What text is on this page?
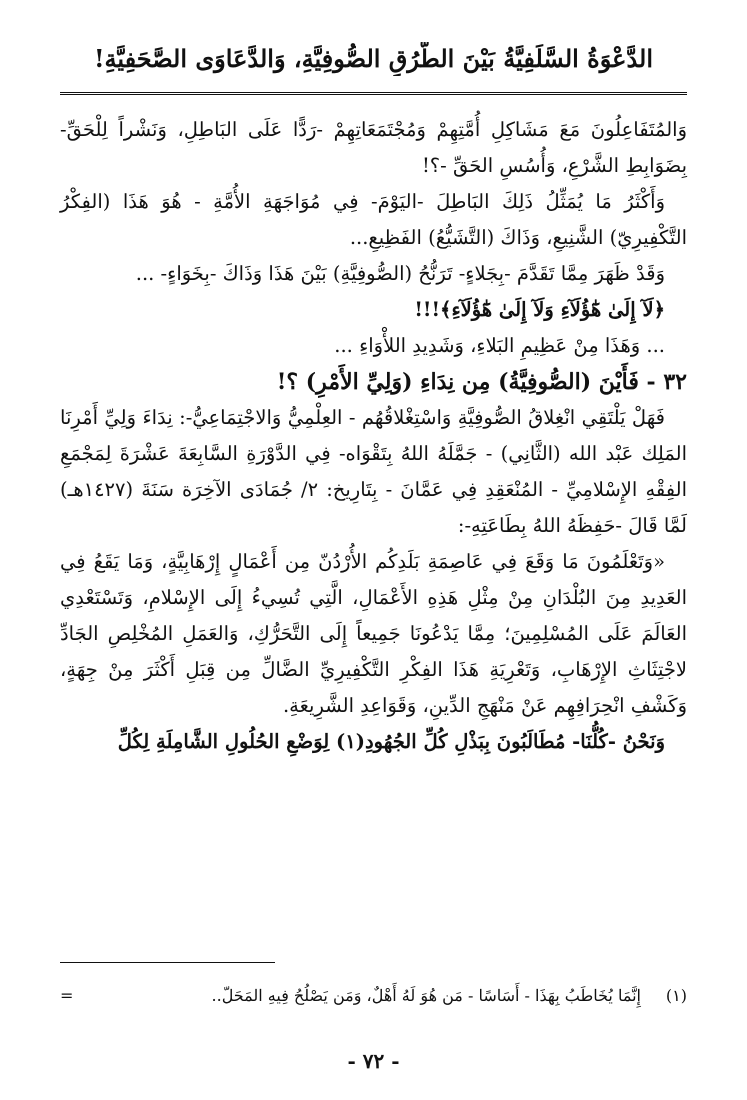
الدَّعْوَةُ السَّلَفِيَّةُ بَيْنَ الطُّرُقِ الصُّوفِيَّةِ، وَالدَّعَاوَى الصَّحَفِيَّةِ!

وَالمُتَفَاعِلُونَ مَعَ مَشَاكِلِ أُمَّتِهِمْ وَمُجْتَمَعَاتِهِمْ -رَدًّا عَلَى البَاطِلِ، وَنَشْراً لِلْحَقِّ- بِضَوَابِطِ الشَّرْعِ، وَأُسُسِ الحَقِّ -؟!

وَأَكْثَرُ مَا يُمَثِّلُ ذَلِكَ البَاطِلَ -اليَوْمَ- فِي مُوَاجَهَةِ الأُمَّةِ - هُوَ هَذَا (الفِكْرُ التَّكْفِيرِيّ) الشَّنِيعِ، وَذَاكَ (التَّشَيُّعُ) الفَظِيعِ...

وَقَدْ ظَهَرَ مِمَّا تَقَدَّمَ -بِجَلاءٍ- تَرَنُّحُ (الصُّوفِيَّةِ) بَيْنَ هَذَا وَذَاكَ -بِخَوَاءٍ- ...

﴿لَآ إِلَىٰ هَٰٓؤُلَآءِ وَلَآ إِلَىٰ هَٰٓؤُلَآءِ﴾!!!

... وَهَذَا مِنْ عَظِيمِ البَلاءِ، وَشَدِيدِ اللأْوَاءِ ...

٣٢ - فَأَيْنَ (الصُّوفِيَّةُ) مِن نِدَاءِ (وَلِيِّ الأَمْرِ) ؟!

فَهَلْ يَلْتَقِي انْغِلاقُ الصُّوفِيَّةِ وَاسْتِغْلاقُهُم - العِلْمِيُّ وَالاجْتِمَاعِيُّ-: نِدَاءَ وَلِيِّ أَمْرِنَا المَلِك عَبْد الله (الثَّانِي) - جَمَّلَهُ اللهُ بِتَقْوَاه- فِي الدَّوْرَةِ السَّابِعَةَ عَشْرَةَ لِمَجْمَعِ الفِقْهِ الإِسْلامِيِّ - المُنْعَقِدِ فِي عَمَّانَ - بِتَارِيخ: ٢/ جُمَادَى الآخِرَة سَنَةَ (١٤٢٧هـ) لَمَّا قَالَ -حَفِظَهُ اللهُ بِطَاعَتِهِ-:

«وَتَعْلَمُونَ مَا وَقَعَ فِي عَاصِمَةِ بَلَدِكُم الأُرْدُنّ مِن أَعْمَالٍ إِرْهَابِيَّةٍ، وَمَا يَقَعُ فِي العَدِيدِ مِنَ البُلْدَانِ مِنْ مِثْلِ هَذِهِ الأَعْمَالِ، الَّتِي تُسِيءُ إِلَى الإِسْلامِ، وَتَسْتَعْدِي العَالَمَ عَلَى المُسْلِمِينَ؛ مِمَّا يَدْعُونَا جَمِيعاً إِلَى التَّحَرُّكِ، وَالعَمَلِ المُخْلِصِ الجَادِّ لاجْتِثَاثِ الإِرْهَابِ، وَتَعْرِيَةِ هَذَا الفِكْرِ التَّكْفِيرِيِّ الضَّالِّ مِن قِبَلِ أَكْثَرَ مِنْ جِهَةٍ، وَكَشْفِ انْحِرَافِهِم عَنْ مَنْهَجِ الدِّينِ، وَقَوَاعِدِ الشَّرِيعَةِ.

وَنَحْنُ -كُلُّنَا- مُطَالَبُونَ بِبَذْلِ كُلِّ الجُهُودِ(١) لِوَضْعِ الحُلُولِ الشَّامِلَةِ لِكُلِّ

(١)
إِنَّمَا يُخَاطَبُ بِهَذَا - أَسَاسًا - مَن هُوَ لَهُ أَهْلٌ، وَمَن يَصْلُحُ فِيهِ المَحَلّ..
=
- ٧٢ -
